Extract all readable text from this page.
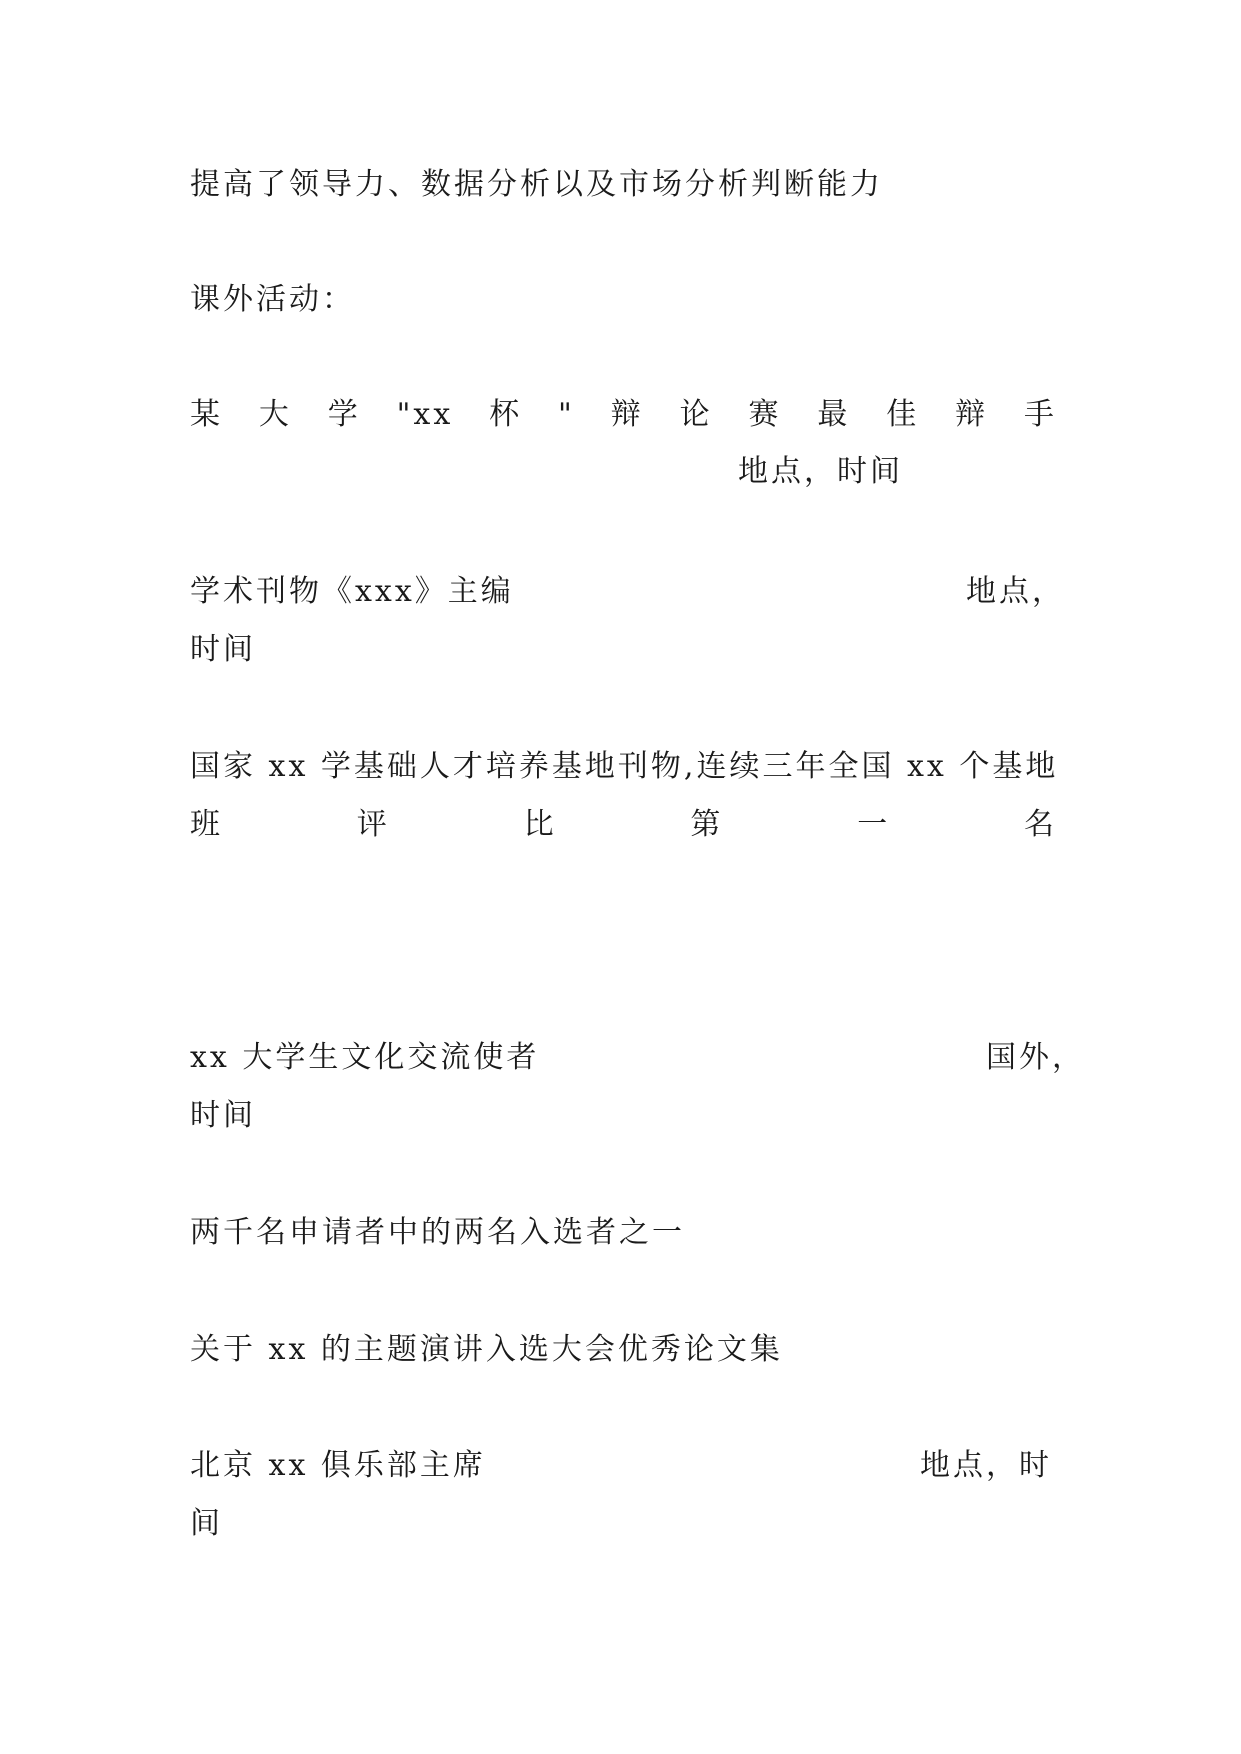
提高了领导力、数据分析以及市场分析判断能力
课外活动：
某 大 学 "xx 杯 " 辩 论 赛 最 佳 辩 手
地点，时间
学术刊物《xxx》主编	地点，
时间
国家 xx 学基础人才培养基地刊物,连续三年全国 xx 个基地
班	评	比	第	一	名
xx 大学生文化交流使者	国外，
时间
两千名申请者中的两名入选者之一
关于 xx 的主题演讲入选大会优秀论文集
北京 xx 俱乐部主席	地点，时
间
